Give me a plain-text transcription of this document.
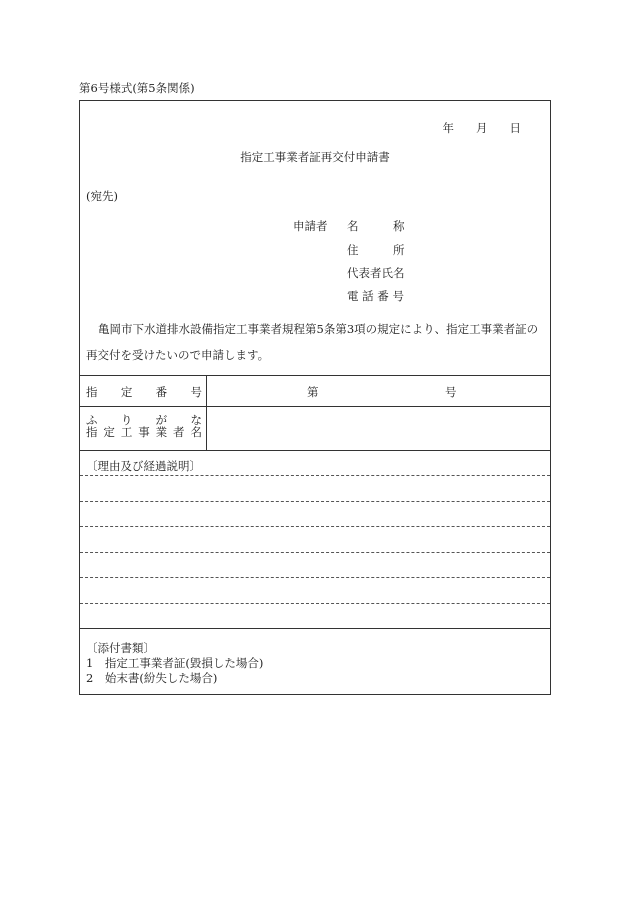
第6号様式(第5条関係)
年 月 日
指定工事業者証再交付申請書
(宛先)
申請者 名　　　称
住　　　所
代表者氏名
電 話 番 号
亀岡市下水道排水設備指定工事業者規程第5条第3項の規定により、指定工事業者証の再交付を受けたいので申請します。
指 定 番 号	第	号
ふ り が な
指 定 工 事 業 者 名
〔理由及び経過説明〕
〔添付書類〕
1　 指定工事業者証(毀損した場合)
2　 始末書(紛失した場合)
